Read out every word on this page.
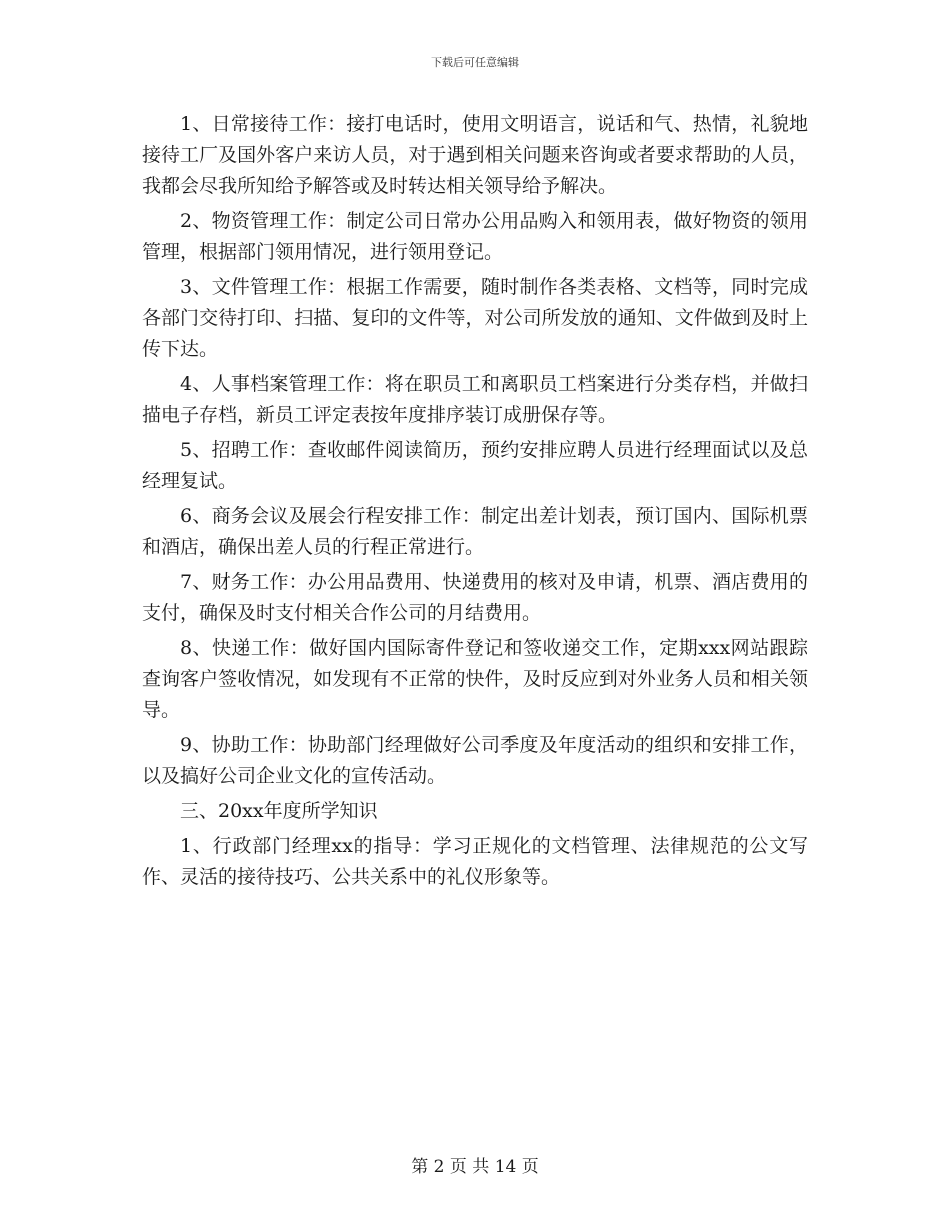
下载后可任意编辑

1、日常接待工作：接打电话时，使用文明语言，说话和气、热情，礼貌地接待工厂及国外客户来访人员，对于遇到相关问题来咨询或者要求帮助的人员，我都会尽我所知给予解答或及时转达相关领导给予解决。

2、物资管理工作：制定公司日常办公用品购入和领用表，做好物资的领用管理，根据部门领用情况，进行领用登记。

3、文件管理工作：根据工作需要，随时制作各类表格、文档等，同时完成各部门交待打印、扫描、复印的文件等，对公司所发放的通知、文件做到及时上传下达。

4、人事档案管理工作：将在职员工和离职员工档案进行分类存档，并做扫描电子存档，新员工评定表按年度排序装订成册保存等。

5、招聘工作：查收邮件阅读简历，预约安排应聘人员进行经理面试以及总经理复试。

6、商务会议及展会行程安排工作：制定出差计划表，预订国内、国际机票和酒店，确保出差人员的行程正常进行。

7、财务工作：办公用品费用、快递费用的核对及申请，机票、酒店费用的支付，确保及时支付相关合作公司的月结费用。

8、快递工作：做好国内国际寄件登记和签收递交工作，定期xxx网站跟踪查询客户签收情况，如发现有不正常的快件，及时反应到对外业务人员和相关领导。

9、协助工作：协助部门经理做好公司季度及年度活动的组织和安排工作，以及搞好公司企业文化的宣传活动。

三、20xx年度所学知识

1、行政部门经理xx的指导：学习正规化的文档管理、法律规范的公文写作、灵活的接待技巧、公共关系中的礼仪形象等。

第 2 页 共 14 页
